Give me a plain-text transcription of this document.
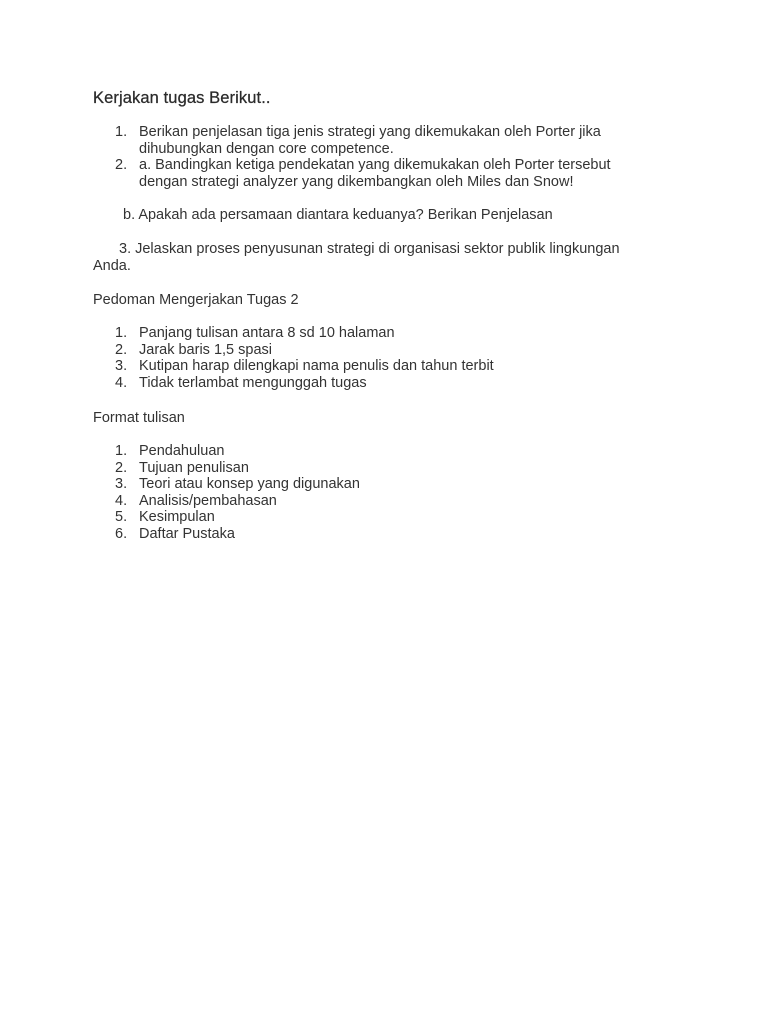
Kerjakan tugas Berikut..
1. Berikan penjelasan tiga jenis strategi yang dikemukakan oleh Porter jika
dihubungkan dengan core competence.
2. a. Bandingkan ketiga pendekatan yang dikemukakan oleh Porter tersebut
dengan strategi analyzer yang dikembangkan oleh Miles dan Snow!
b. Apakah ada persamaan diantara keduanya? Berikan Penjelasan
3. Jelaskan proses penyusunan strategi di organisasi sektor publik lingkungan
Anda.
Pedoman Mengerjakan Tugas 2
1. Panjang tulisan antara 8 sd 10 halaman
2. Jarak baris 1,5 spasi
3. Kutipan harap dilengkapi nama penulis dan tahun terbit
4. Tidak terlambat mengunggah tugas
Format tulisan
1. Pendahuluan
2. Tujuan penulisan
3. Teori atau konsep yang digunakan
4. Analisis/pembahasan
5. Kesimpulan
6. Daftar Pustaka
